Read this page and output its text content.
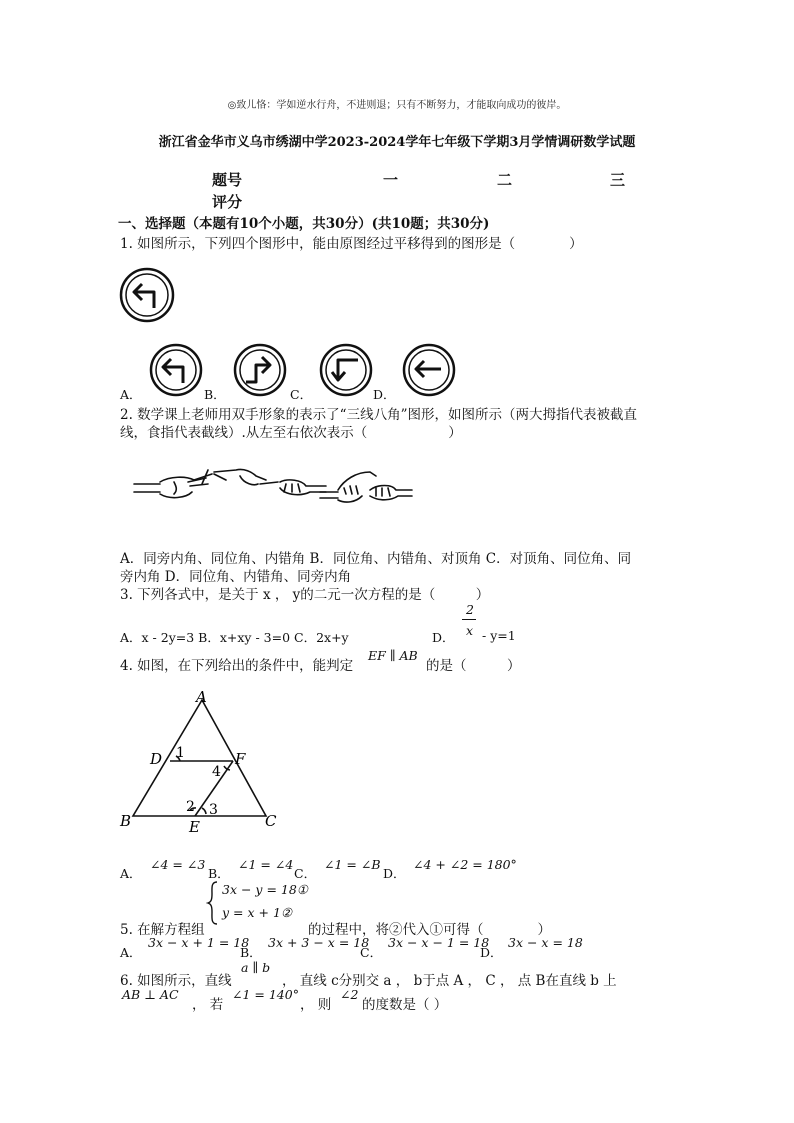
◎致儿恪：学如逆水行舟，不进则退；只有不断努力，才能取向成功的彼岸。
浙江省金华市义乌市绣湖中学2023-2024学年七年级下学期3月学情调研数学试题
题号	一	二	三
评分
一、选择题（本题有10个小题，共30分）(共10题；共30分)
1. 如图所示，下列四个图形中，能由原图经过平移得到的图形是（　　　　）
A．	B．	C．	D．
2. 数学课上老师用双手形象的表示了“三线八角”图形，如图所示（两大拇指代表被截直
线，食指代表截线）.从左至右依次表示（　　　　　　）
A．同旁内角、同位角、内错角 B．同位角、内错角、对顶角 C．对顶角、同位角、同
旁内角 D．同位角、内错角、同旁内角
3. 下列各式中，是关于 x ， y的二元一次方程的是（　　　）
A．x - 2y=3 B．x+xy - 3=0 C．2x+y	D．
2
x - y=1
4. 如图，在下列给出的条件中，能判定
EF ∥ AB
的是（　　　）
A
D	F
B	C
E
1
4
2 3
A．
∠4 = ∠3
B．
∠1 = ∠4
C．
∠1 = ∠B
D．
∠4 + ∠2 = 180°
3x − y = 18①
y = x + 1②
5. 在解方程组	的过程中，将②代入①可得（　　　　）
A．
3x − x + 1 = 18
B．
3x + 3 − x = 18
C．
3x − x − 1 = 18
D．
3x − x = 18
6. 如图所示，直线
a ∥ b
， 直线 c分别交 a ， b于点 A ， C ， 点 B在直线 b 上
AB ⊥ AC
， 若
∠1 = 140°
， 则
∠2
的度数是（ ）
